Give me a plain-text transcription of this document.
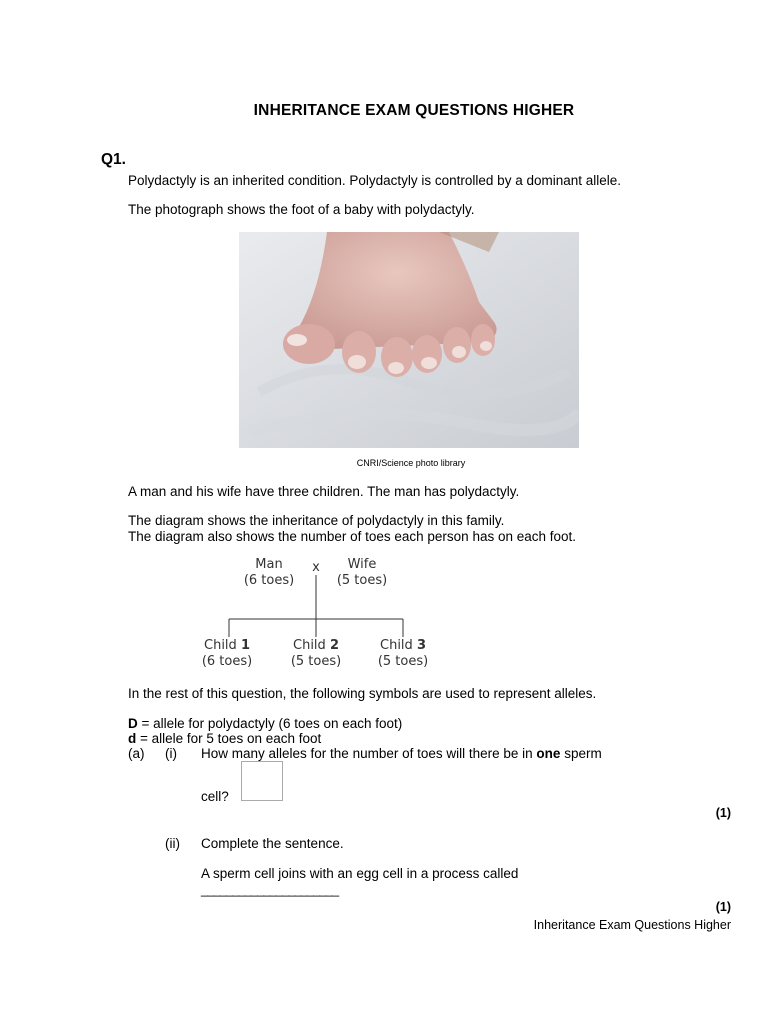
INHERITANCE EXAM QUESTIONS HIGHER
Q1.
Polydactyly is an inherited condition. Polydactyly is controlled by a dominant allele.
The photograph shows the foot of a baby with polydactyly.
CNRI/Science photo library
A man and his wife have three children. The man has polydactyly.
The diagram shows the inheritance of polydactyly in this family.
The diagram also shows the number of toes each person has on each foot.
Man
(6 toes)
x	Wife
(5 toes)
Child 1
(6 toes)
Child 2
(5 toes)
Child 3
(5 toes)
In the rest of this question, the following symbols are used to represent alleles.
D = allele for polydactyly (6 toes on each foot)
d = allele for 5 toes on each foot
(a) (i) How many alleles for the number of toes will there be in one sperm
cell?
(1)
(ii) Complete the sentence.
A sperm cell joins with an egg cell in a process called
______________________
(1)
Inheritance Exam Questions Higher
